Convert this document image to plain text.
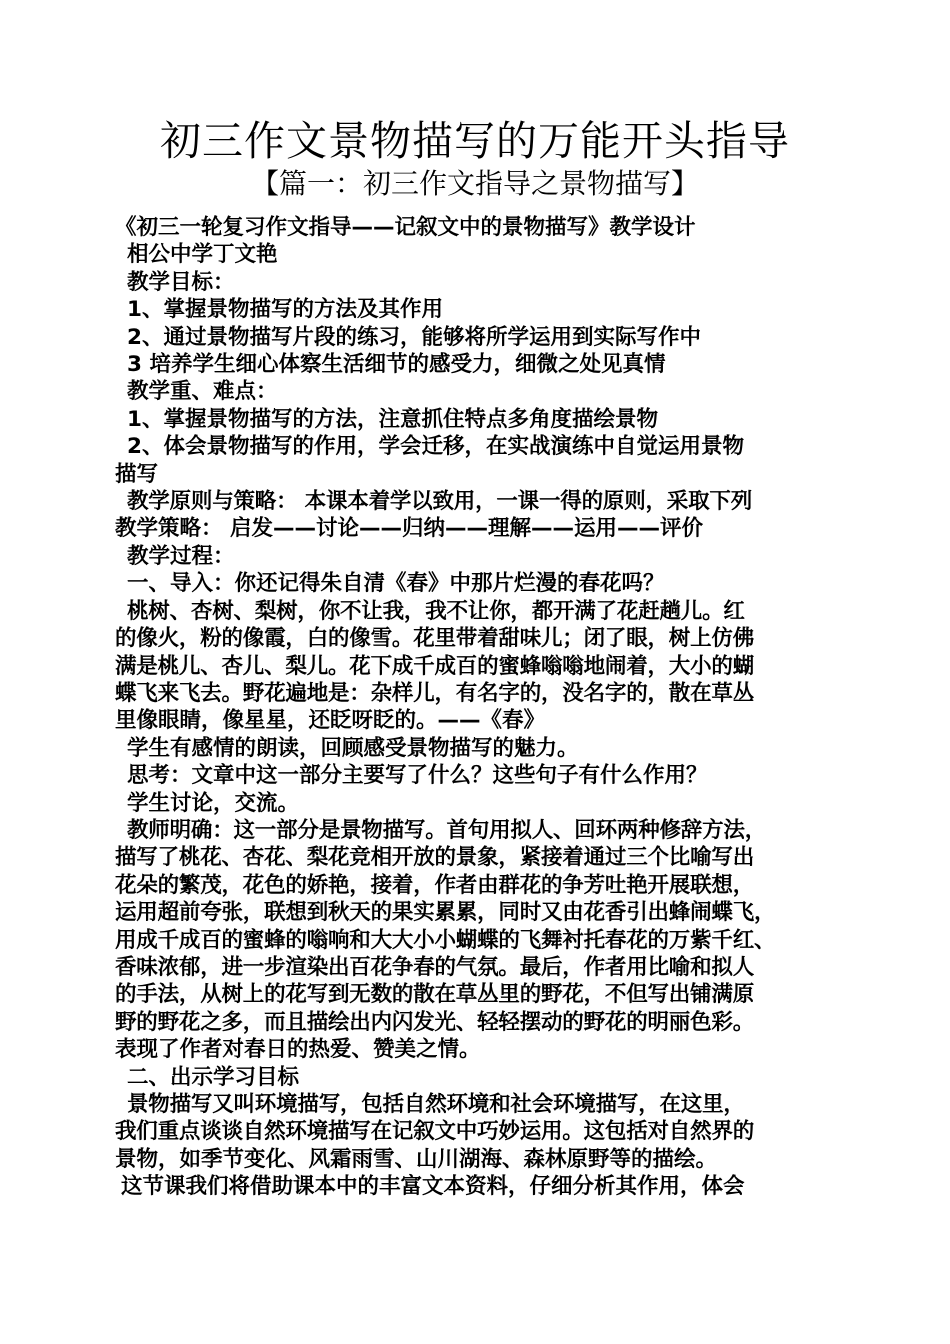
初三作文景物描写的万能开头指导
【篇一：初三作文指导之景物描写】

《初三一轮复习作文指导——记叙文中的景物描写》教学设计

相公中学丁文艳

教学目标：

1、掌握景物描写的方法及其作用

2、通过景物描写片段的练习，能够将所学运用到实际写作中

3 培养学生细心体察生活细节的感受力，细微之处见真情

教学重、难点：

1、掌握景物描写的方法，注意抓住特点多角度描绘景物

2、体会景物描写的作用，学会迁移，在实战演练中自觉运用景物

描写

教学原则与策略： 本课本着学以致用，一课一得的原则，采取下列

教学策略： 启发——讨论——归纳——理解——运用——评价

教学过程：

一、导入：你还记得朱自清《春》中那片烂漫的春花吗？

桃树、杏树、梨树，你不让我，我不让你，都开满了花赶趟儿。红

的像火，粉的像霞，白的像雪。花里带着甜味儿；闭了眼，树上仿佛

满是桃儿、杏儿、梨儿。花下成千成百的蜜蜂嗡嗡地闹着，大小的蝴

蝶飞来飞去。野花遍地是：杂样儿，有名字的，没名字的，散在草丛

里像眼睛，像星星，还眨呀眨的。——《春》

学生有感情的朗读，回顾感受景物描写的魅力。

思考：文章中这一部分主要写了什么？这些句子有什么作用？

学生讨论，交流。

教师明确：这一部分是景物描写。首句用拟人、回环两种修辞方法，

描写了桃花、杏花、梨花竞相开放的景象，紧接着通过三个比喻写出

花朵的繁茂，花色的娇艳，接着，作者由群花的争芳吐艳开展联想，

运用超前夸张，联想到秋天的果实累累，同时又由花香引出蜂闹蝶飞，

用成千成百的蜜蜂的嗡响和大大小小蝴蝶的飞舞衬托春花的万紫千红、

香味浓郁，进一步渲染出百花争春的气氛。最后，作者用比喻和拟人

的手法，从树上的花写到无数的散在草丛里的野花，不但写出铺满原

野的野花之多，而且描绘出内闪发光、轻轻摆动的野花的明丽色彩。

表现了作者对春日的热爱、赞美之情。

二、出示学习目标

景物描写又叫环境描写，包括自然环境和社会环境描写，在这里，

我们重点谈谈自然环境描写在记叙文中巧妙运用。这包括对自然界的

景物，如季节变化、风霜雨雪、山川湖海、森林原野等的描绘。

这节课我们将借助课本中的丰富文本资料，仔细分析其作用，体会
